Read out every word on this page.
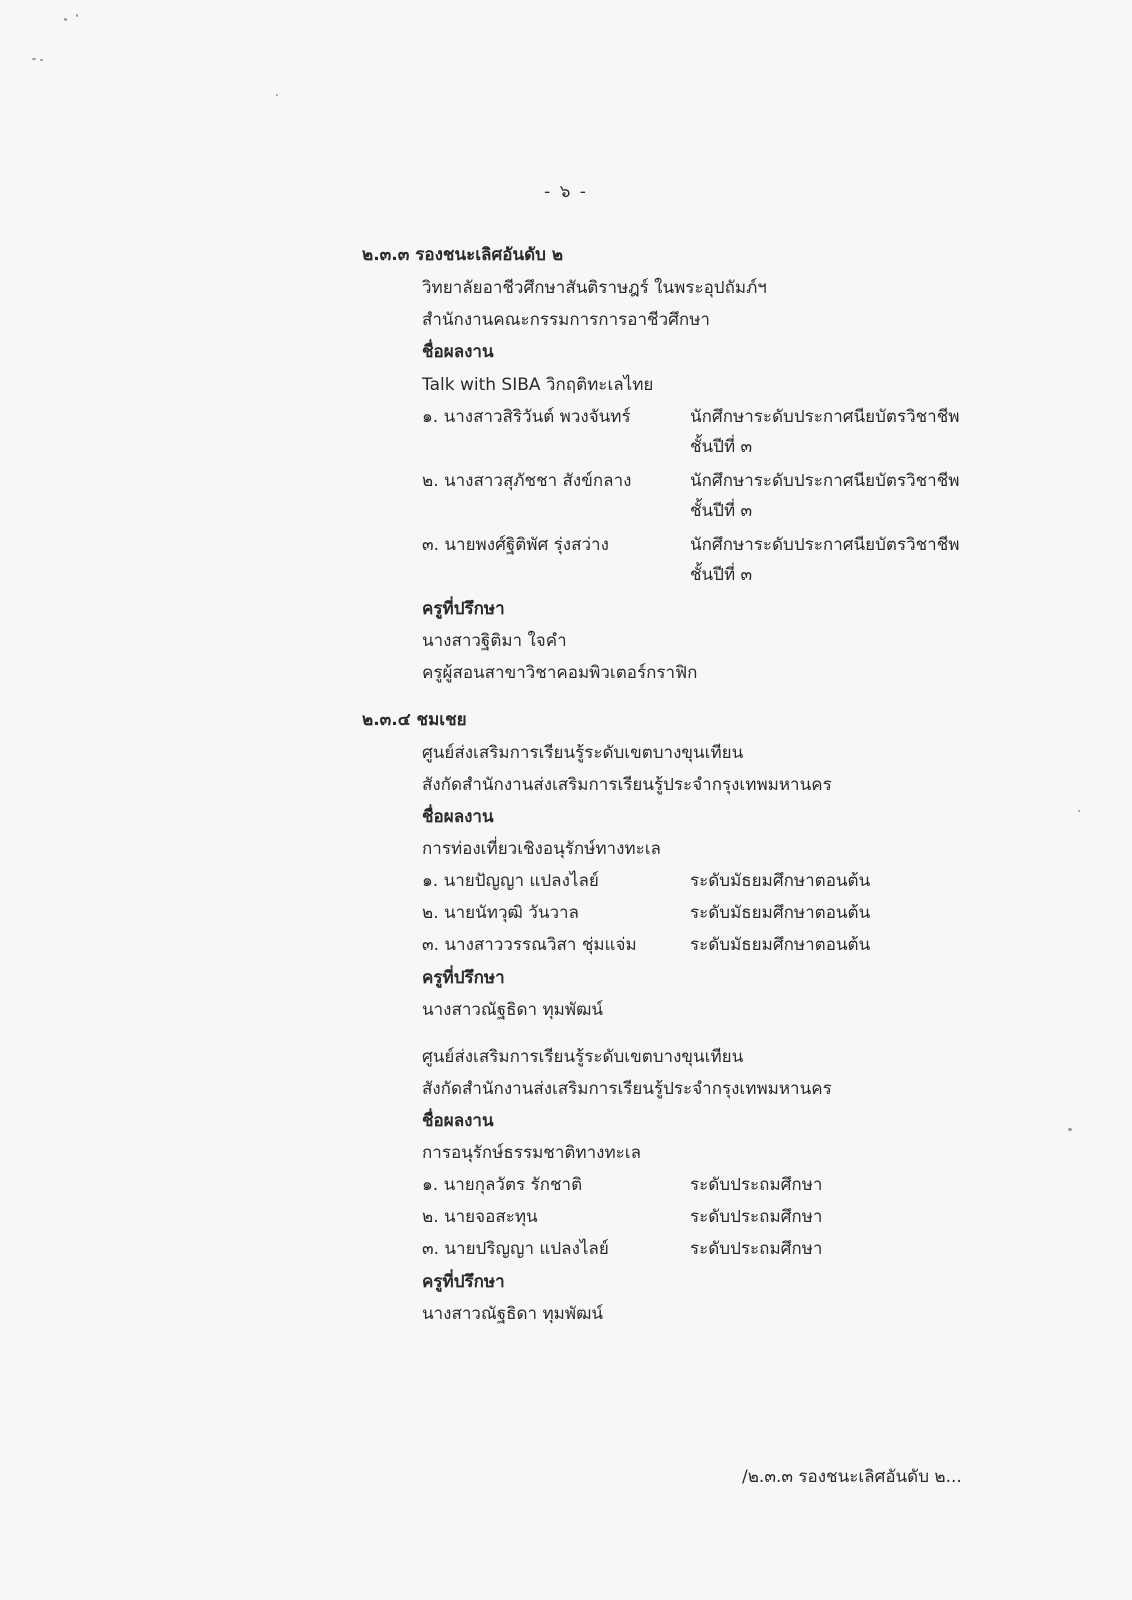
- ๖ -
๒.๓.๓ รองชนะเลิศอันดับ ๒
วิทยาลัยอาชีวศึกษาสันติราษฎร์ ในพระอุปถัมภ์ฯ
สำนักงานคณะกรรมการการอาชีวศึกษา
ชื่อผลงาน
Talk with SIBA วิกฤติทะเลไทย
๑. นางสาวสิริวันต์ พวงจันทร์	นักศึกษาระดับประกาศนียบัตรวิชาชีพ
ชั้นปีที่ ๓
๒. นางสาวสุภัชชา สังข์กลาง	นักศึกษาระดับประกาศนียบัตรวิชาชีพ
ชั้นปีที่ ๓
๓. นายพงศ์ฐิติพัศ รุ่งสว่าง	นักศึกษาระดับประกาศนียบัตรวิชาชีพ
ชั้นปีที่ ๓
ครูที่ปรึกษา
นางสาวฐิติมา ใจคำ
ครูผู้สอนสาขาวิชาคอมพิวเตอร์กราฟิก
๒.๓.๔ ชมเชย
ศูนย์ส่งเสริมการเรียนรู้ระดับเขตบางขุนเทียน
สังกัดสำนักงานส่งเสริมการเรียนรู้ประจำกรุงเทพมหานคร
ชื่อผลงาน
การท่องเที่ยวเชิงอนุรักษ์ทางทะเล
๑. นายปัญญา แปลงไลย์	ระดับมัธยมศึกษาตอนต้น
๒. นายนัทวุฒิ วันวาล	ระดับมัธยมศึกษาตอนต้น
๓. นางสาววรรณวิสา ชุ่มแจ่ม	ระดับมัธยมศึกษาตอนต้น
ครูที่ปรึกษา
นางสาวณัฐธิดา ทุมพัฒน์
ศูนย์ส่งเสริมการเรียนรู้ระดับเขตบางขุนเทียน
สังกัดสำนักงานส่งเสริมการเรียนรู้ประจำกรุงเทพมหานคร
ชื่อผลงาน
การอนุรักษ์ธรรมชาติทางทะเล
๑. นายกุลวัตร รักชาติ	ระดับประถมศึกษา
๒. นายจอสะทุน	ระดับประถมศึกษา
๓. นายปริญญา แปลงไลย์	ระดับประถมศึกษา
ครูที่ปรึกษา
นางสาวณัฐธิดา ทุมพัฒน์
/๒.๓.๓ รองชนะเลิศอันดับ ๒...
